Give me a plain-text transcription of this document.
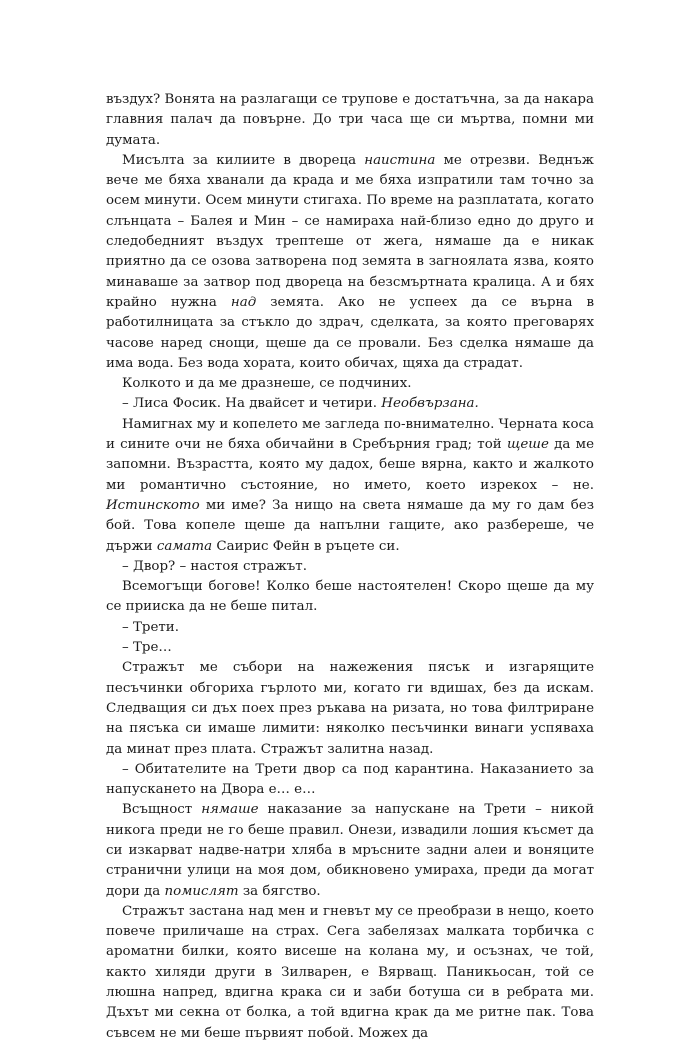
въздух? Вонята на разлагащи се трупове е достатъчна, за да накара главния палач да повърне. До три часа ще си мъртва, помни ми думата.

Мисълта за килиите в двореца наистина ме отрезви. Веднъж вече ме бяха хванали да крада и ме бяха изпратили там точно за осем минути. Осем минути стигаха. По време на разплатата, когато слънцата – Балея и Мин – се намираха най-близо едно до друго и следобедният въздух трептеше от жега, нямаше да е никак приятно да се озова затворена под земята в загноялата язва, която минаваше за затвор под двореца на безсмъртната кралица. А и бях крайно нужна над земята. Ако не успеех да се върна в работилницата за стъкло до здрач, сделката, за която преговарях часове наред снощи, щеше да се провали. Без сделка нямаше да има вода. Без вода хората, които обичах, щяха да страдат.

Колкото и да ме дразнеше, се подчиних.

– Лиса Фосик. На двайсет и четири. Необвързана.

Намигнах му и копелето ме загледа по-внимателно. Черната коса и сините очи не бяха обичайни в Сребърния град; той щеше да ме запомни. Възрастта, която му дадох, беше вярна, както и жалкото ми романтично състояние, но името, което изрекох – не. Истинското ми име? За нищо на света нямаше да му го дам без бой. Това копеле щеше да напълни гащите, ако разбереше, че държи самата Саирис Фейн в ръцете си.

– Двор? – настоя стражът.

Всемогъщи богове! Колко беше настоятелен! Скоро щеше да му се прииска да не беше питал.

– Трети.

– Тре…

Стражът ме събори на нажежения пясък и изгарящите песъчинки обгориха гърлото ми, когато ги вдишах, без да искам. Следващия си дъх поех през ръкава на ризата, но това филтриране на пясъка си имаше лимити: няколко песъчинки винаги успяваха да минат през плата. Стражът залитна назад.

– Обитателите на Трети двор са под карантина. Наказанието за напускането на Двора е… е…

Всъщност нямаше наказание за напускане на Трети – никой никога преди не го беше правил. Онези, извадили лошия късмет да си изкарват надве-натри хляба в мръсните задни алеи и воняците странични улици на моя дом, обикновено умираха, преди да могат дори да помислят за бягство.

Стражът застана над мен и гневът му се преобрази в нещо, което повече приличаше на страх. Сега забелязах малката торбичка с ароматни билки, която висеше на колана му, и осъзнах, че той, както хиляди други в Зилварен, е Вярващ. Паникьосан, той се люшна напред, вдигна крака си и заби ботуша си в ребрата ми. Дъхът ми секна от болка, а той вдигна крак да ме ритне пак. Това съвсем не ми беше първият побой. Можех да
